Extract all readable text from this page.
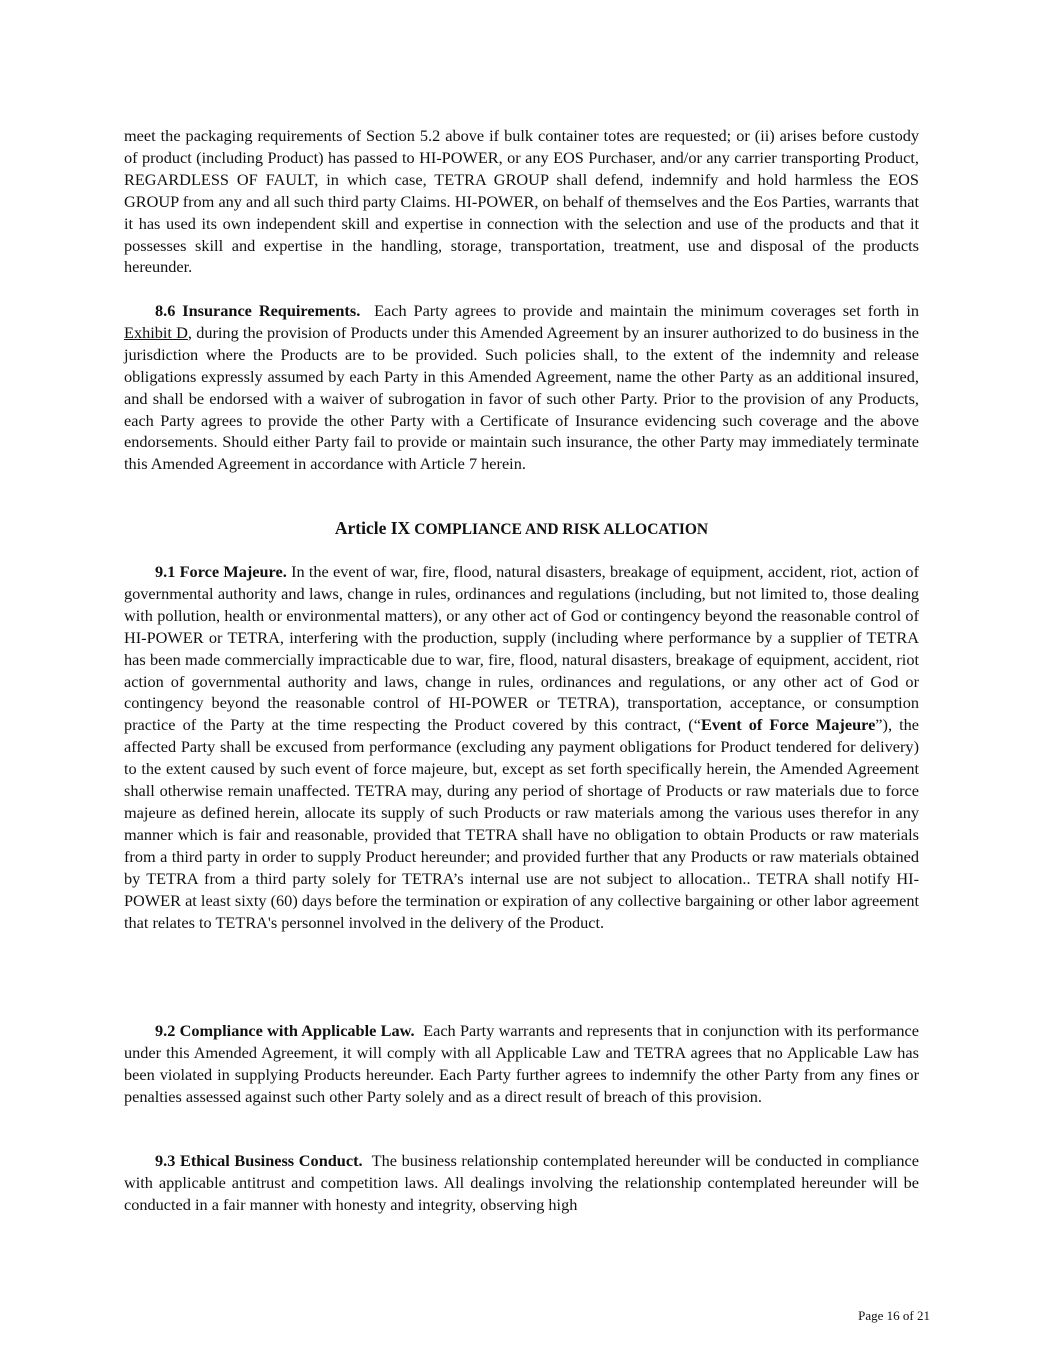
meet the packaging requirements of Section 5.2 above if bulk container totes are requested; or (ii) arises before custody of product (including Product) has passed to HI-POWER, or any EOS Purchaser, and/or any carrier transporting Product, REGARDLESS OF FAULT, in which case, TETRA GROUP shall defend, indemnify and hold harmless the EOS GROUP from any and all such third party Claims. HI-POWER, on behalf of themselves and the Eos Parties, warrants that it has used its own independent skill and expertise in connection with the selection and use of the products and that it possesses skill and expertise in the handling, storage, transportation, treatment, use and disposal of the products hereunder.

8.6 Insurance Requirements. Each Party agrees to provide and maintain the minimum coverages set forth in Exhibit D, during the provision of Products under this Amended Agreement by an insurer authorized to do business in the jurisdiction where the Products are to be provided. Such policies shall, to the extent of the indemnity and release obligations expressly assumed by each Party in this Amended Agreement, name the other Party as an additional insured, and shall be endorsed with a waiver of subrogation in favor of such other Party. Prior to the provision of any Products, each Party agrees to provide the other Party with a Certificate of Insurance evidencing such coverage and the above endorsements. Should either Party fail to provide or maintain such insurance, the other Party may immediately terminate this Amended Agreement in accordance with Article 7 herein.

Article IX COMPLIANCE AND RISK ALLOCATION

9.1 Force Majeure. In the event of war, fire, flood, natural disasters, breakage of equipment, accident, riot, action of governmental authority and laws, change in rules, ordinances and regulations (including, but not limited to, those dealing with pollution, health or environmental matters), or any other act of God or contingency beyond the reasonable control of HI-POWER or TETRA, interfering with the production, supply (including where performance by a supplier of TETRA has been made commercially impracticable due to war, fire, flood, natural disasters, breakage of equipment, accident, riot action of governmental authority and laws, change in rules, ordinances and regulations, or any other act of God or contingency beyond the reasonable control of HI-POWER or TETRA), transportation, acceptance, or consumption practice of the Party at the time respecting the Product covered by this contract, (“Event of Force Majeure”), the affected Party shall be excused from performance (excluding any payment obligations for Product tendered for delivery) to the extent caused by such event of force majeure, but, except as set forth specifically herein, the Amended Agreement shall otherwise remain unaffected. TETRA may, during any period of shortage of Products or raw materials due to force majeure as defined herein, allocate its supply of such Products or raw materials among the various uses therefor in any manner which is fair and reasonable, provided that TETRA shall have no obligation to obtain Products or raw materials from a third party in order to supply Product hereunder; and provided further that any Products or raw materials obtained by TETRA from a third party solely for TETRA’s internal use are not subject to allocation.. TETRA shall notify HI-POWER at least sixty (60) days before the termination or expiration of any collective bargaining or other labor agreement that relates to TETRA's personnel involved in the delivery of the Product.

9.2 Compliance with Applicable Law. Each Party warrants and represents that in conjunction with its performance under this Amended Agreement, it will comply with all Applicable Law and TETRA agrees that no Applicable Law has been violated in supplying Products hereunder. Each Party further agrees to indemnify the other Party from any fines or penalties assessed against such other Party solely and as a direct result of breach of this provision.

9.3 Ethical Business Conduct. The business relationship contemplated hereunder will be conducted in compliance with applicable antitrust and competition laws. All dealings involving the relationship contemplated hereunder will be conducted in a fair manner with honesty and integrity, observing high

Page 16 of 21
